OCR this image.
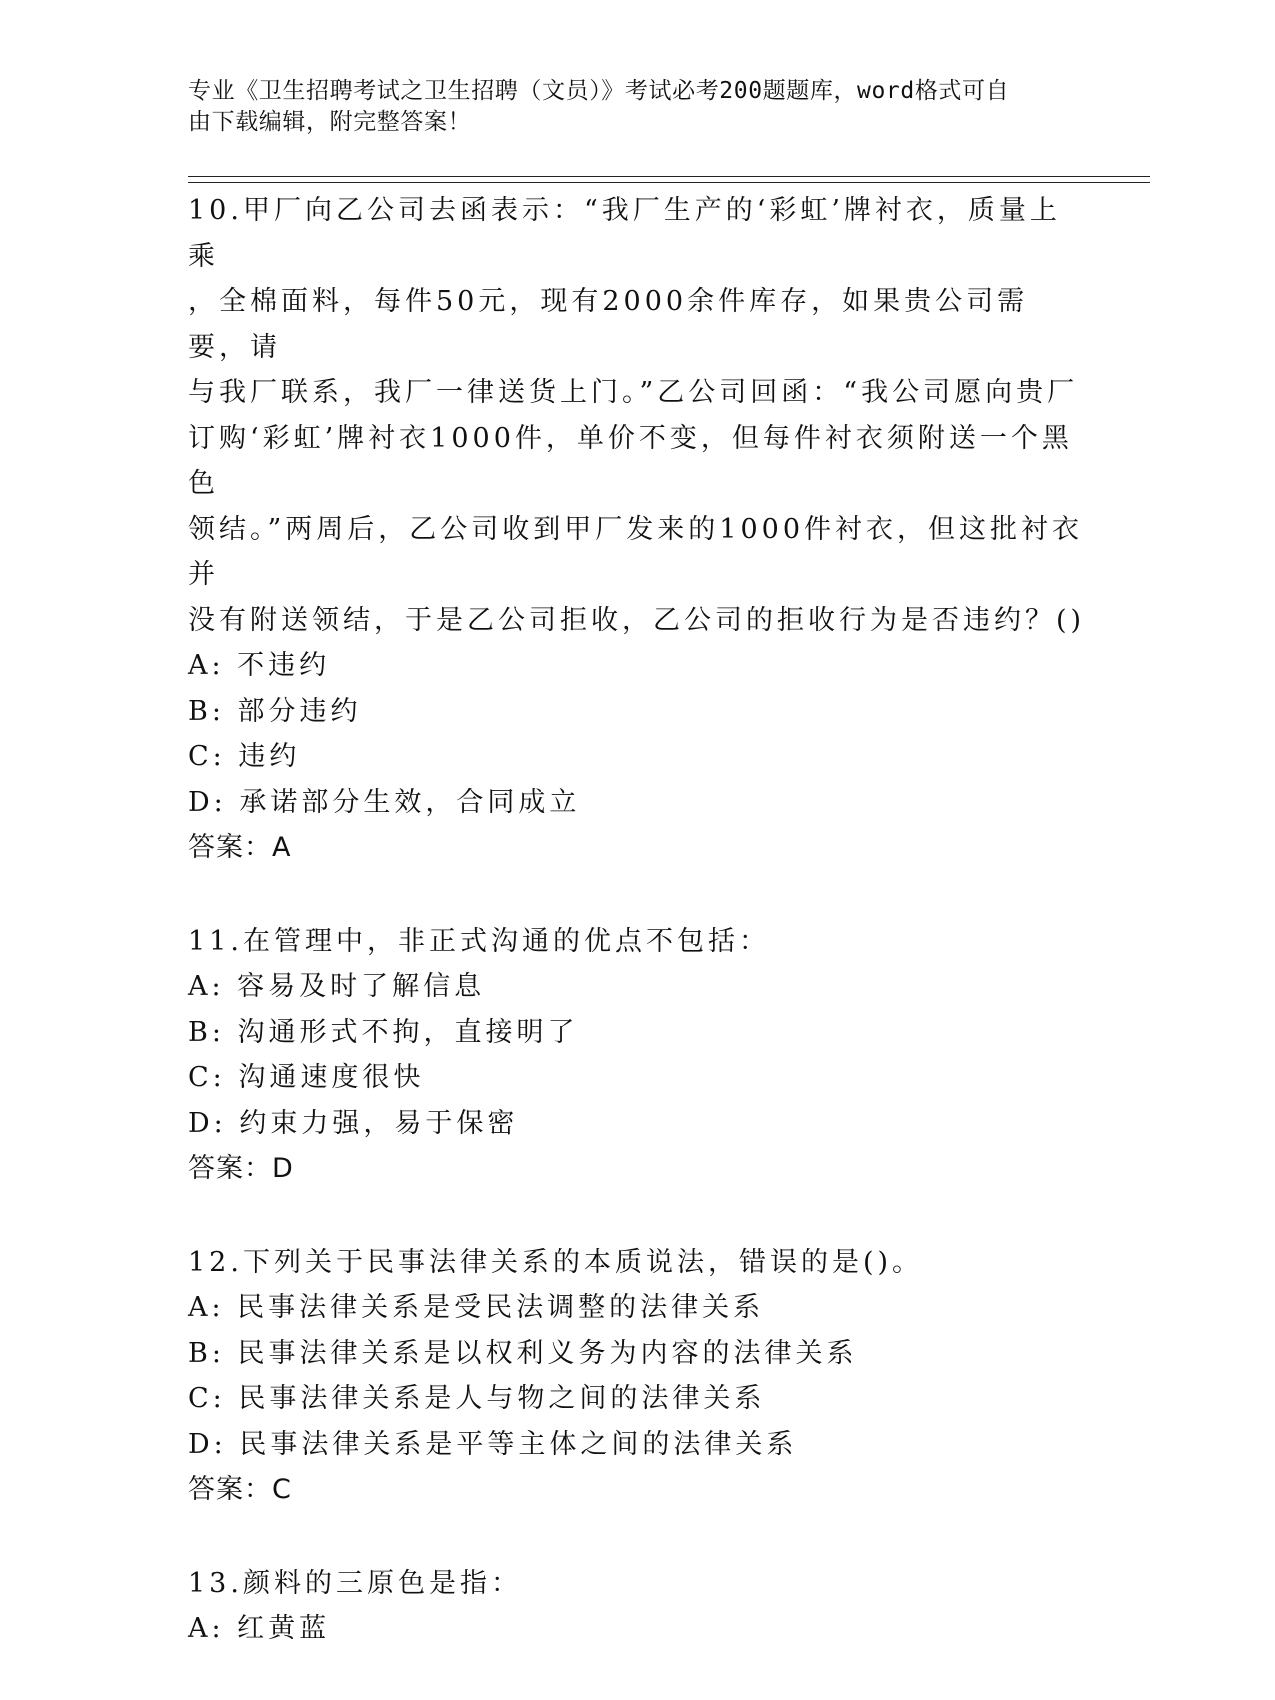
专业《卫生招聘考试之卫生招聘（文员）》考试必考200题题库，word格式可自
由下载编辑，附完整答案！
10.甲厂向乙公司去函表示：“我厂生产的‘彩虹’牌衬衣，质量上乘
，全棉面料，每件50元，现有2000余件库存，如果贵公司需要，请
与我厂联系，我厂一律送货上门。”乙公司回函：“我公司愿向贵厂
订购‘彩虹’牌衬衣1000件，单价不变，但每件衬衣须附送一个黑色
领结。”两周后，乙公司收到甲厂发来的1000件衬衣，但这批衬衣并
没有附送领结，于是乙公司拒收，乙公司的拒收行为是否违约？()
A: 不违约
B: 部分违约
C: 违约
D: 承诺部分生效，合同成立
答案：A
11.在管理中，非正式沟通的优点不包括：
A: 容易及时了解信息
B: 沟通形式不拘，直接明了
C: 沟通速度很快
D: 约束力强，易于保密
答案：D
12.下列关于民事法律关系的本质说法，错误的是()。
A: 民事法律关系是受民法调整的法律关系
B: 民事法律关系是以权利义务为内容的法律关系
C: 民事法律关系是人与物之间的法律关系
D: 民事法律关系是平等主体之间的法律关系
答案：C
13.颜料的三原色是指：
A: 红黄蓝
